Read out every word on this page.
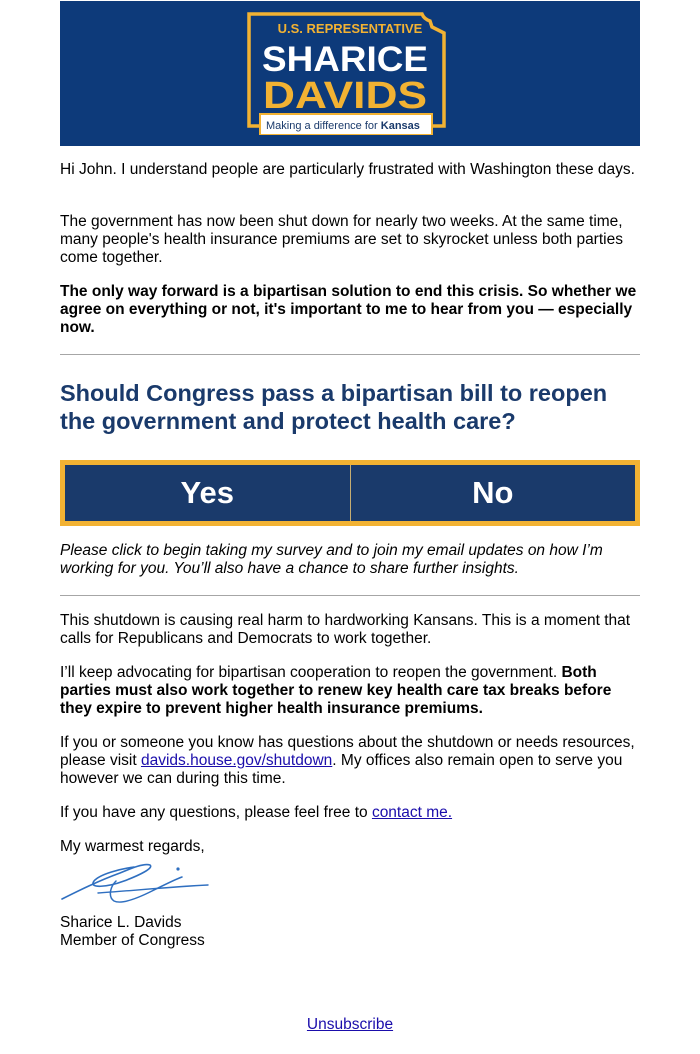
U.S. REPRESENTATIVE
SHARICE
DAVIDS
Making a difference for Kansas

Hi John. I understand people are particularly frustrated with Washington these days.

The government has now been shut down for nearly two weeks. At the same time, many people's health insurance premiums are set to skyrocket unless both parties come together.

The only way forward is a bipartisan solution to end this crisis. So whether we agree on everything or not, it's important to me to hear from you — especially now.

Should Congress pass a bipartisan bill to reopen the government and protect health care?
Yes	No

Please click to begin taking my survey and to join my email updates on how I’m working for you. You’ll also have a chance to share further insights.

This shutdown is causing real harm to hardworking Kansans. This is a moment that calls for Republicans and Democrats to work together.

I’ll keep advocating for bipartisan cooperation to reopen the government. Both parties must also work together to renew key health care tax breaks before they expire to prevent higher health insurance premiums.

If you or someone you know has questions about the shutdown or needs resources, please visit davids.house.gov/shutdown. My offices also remain open to serve you however we can during this time.

If you have any questions, please feel free to contact me.

My warmest regards,

Sharice L. Davids

Member of Congress

Unsubscribe
